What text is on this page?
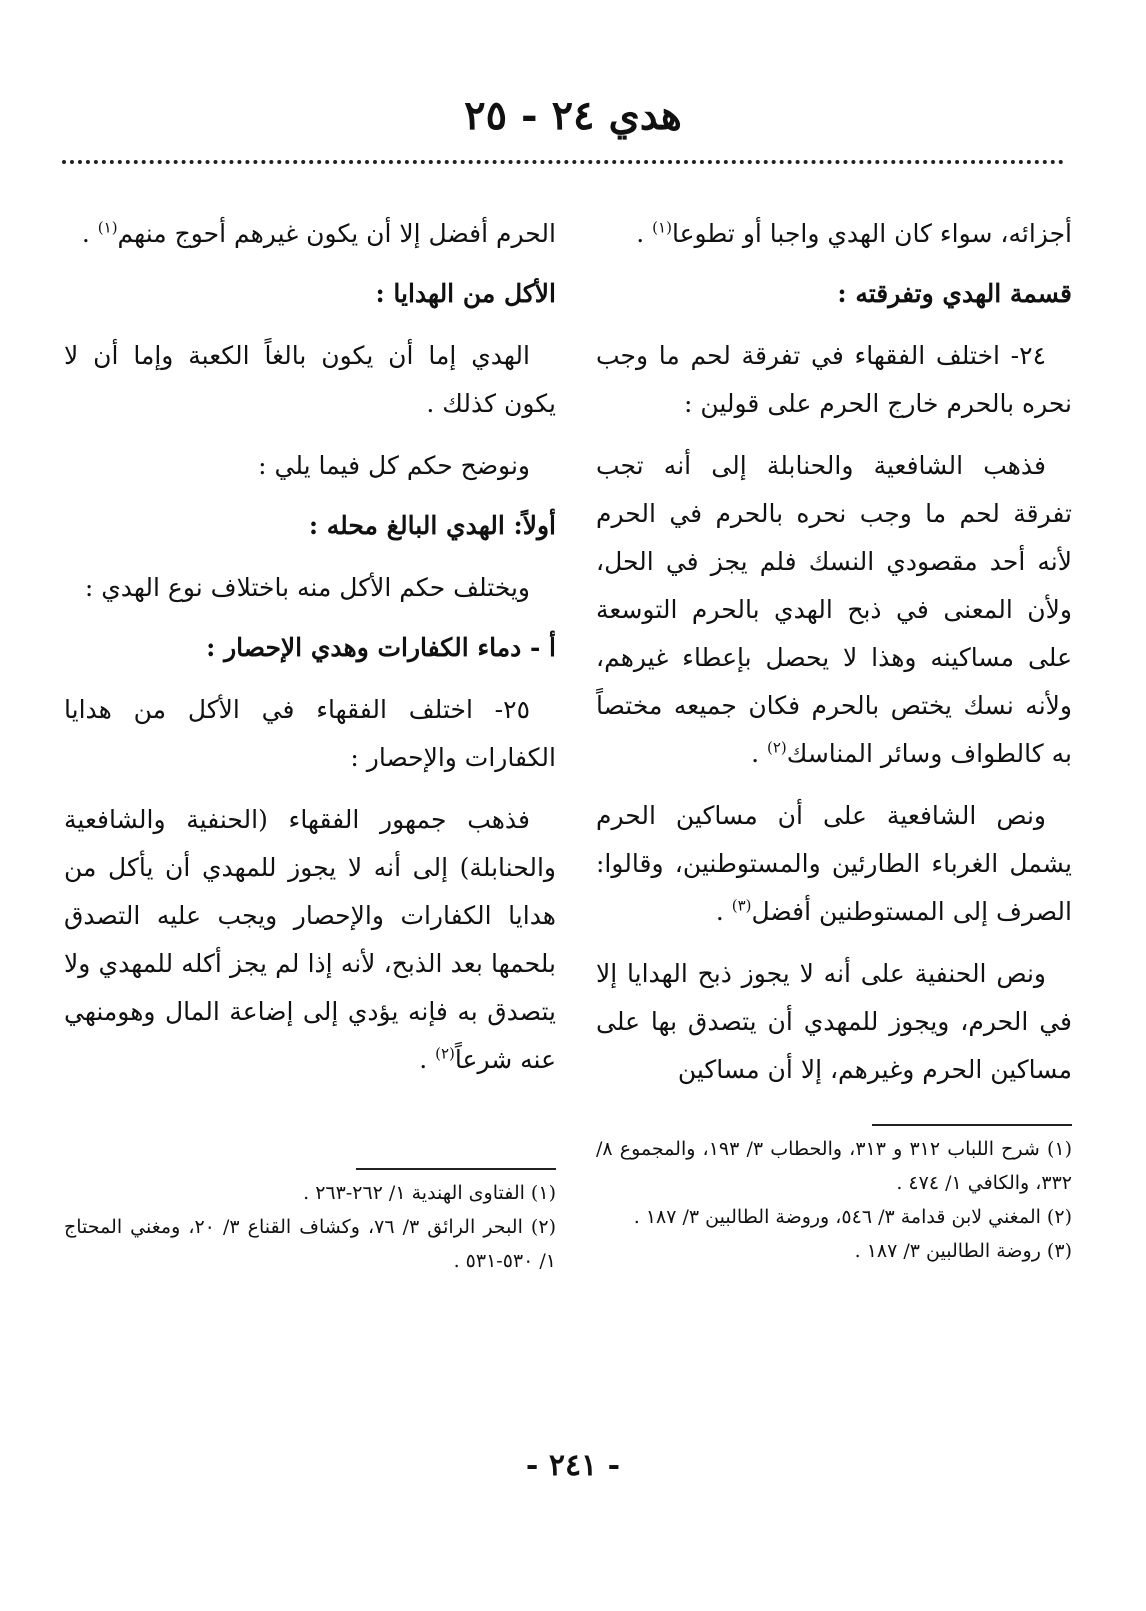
هدي ٢٤ - ٢٥

أجزائه، سواء كان الهدي واجبا أو تطوعا$^{(١)}$ .

قسمة الهدي وتفرقته :

٢٤- اختلف الفقهاء في تفرقة لحم ما وجب نحره بالحرم خارج الحرم على قولين :

فذهب الشافعية والحنابلة إلى أنه تجب تفرقة لحم ما وجب نحره بالحرم في الحرم لأنه أحد مقصودي النسك فلم يجز في الحل، ولأن المعنى في ذبح الهدي بالحرم التوسعة على مساكينه وهذا لا يحصل بإعطاء غيرهم، ولأنه نسك يختص بالحرم فكان جميعه مختصاً به كالطواف وسائر المناسك$^{(٢)}$ .

ونص الشافعية على أن مساكين الحرم يشمل الغرباء الطارئين والمستوطنين، وقالوا: الصرف إلى المستوطنين أفضل$^{(٣)}$ .

ونص الحنفية على أنه لا يجوز ذبح الهدايا إلا في الحرم، ويجوز للمهدي أن يتصدق بها على مساكين الحرم وغيرهم، إلا أن مساكين

(١) شرح اللباب ٣١٢ و ٣١٣، والحطاب ٣/ ١٩٣، والمجموع ٨/ ٣٣٢، والكافي ١/ ٤٧٤ .

(٢) المغني لابن قدامة ٣/ ٥٤٦، وروضة الطالبين ٣/ ١٨٧ .

(٣) روضة الطالبين ٣/ ١٨٧ .

الحرم أفضل إلا أن يكون غيرهم أحوج منهم$^{(١)}$ .

الأكل من الهدايا :

الهدي إما أن يكون بالغاً الكعبة وإما أن لا يكون كذلك .

ونوضح حكم كل فيما يلي :

أولاً: الهدي البالغ محله :

ويختلف حكم الأكل منه باختلاف نوع الهدي :

أ - دماء الكفارات وهدي الإحصار :

٢٥- اختلف الفقهاء في الأكل من هدايا الكفارات والإحصار :

فذهب جمهور الفقهاء (الحنفية والشافعية والحنابلة) إلى أنه لا يجوز للمهدي أن يأكل من هدايا الكفارات والإحصار ويجب عليه التصدق بلحمها بعد الذبح، لأنه إذا لم يجز أكله للمهدي ولا يتصدق به فإنه يؤدي إلى إضاعة المال وهومنهي عنه شرعاً$^{(٢)}$ .

(١) الفتاوى الهندية ١/ ٢٦٢-٢٦٣ .

(٢) البحر الرائق ٣/ ٧٦، وكشاف القناع ٣/ ٢٠، ومغني المحتاج ١/ ٥٣٠-٥٣١ .

- ٢٤١ -
